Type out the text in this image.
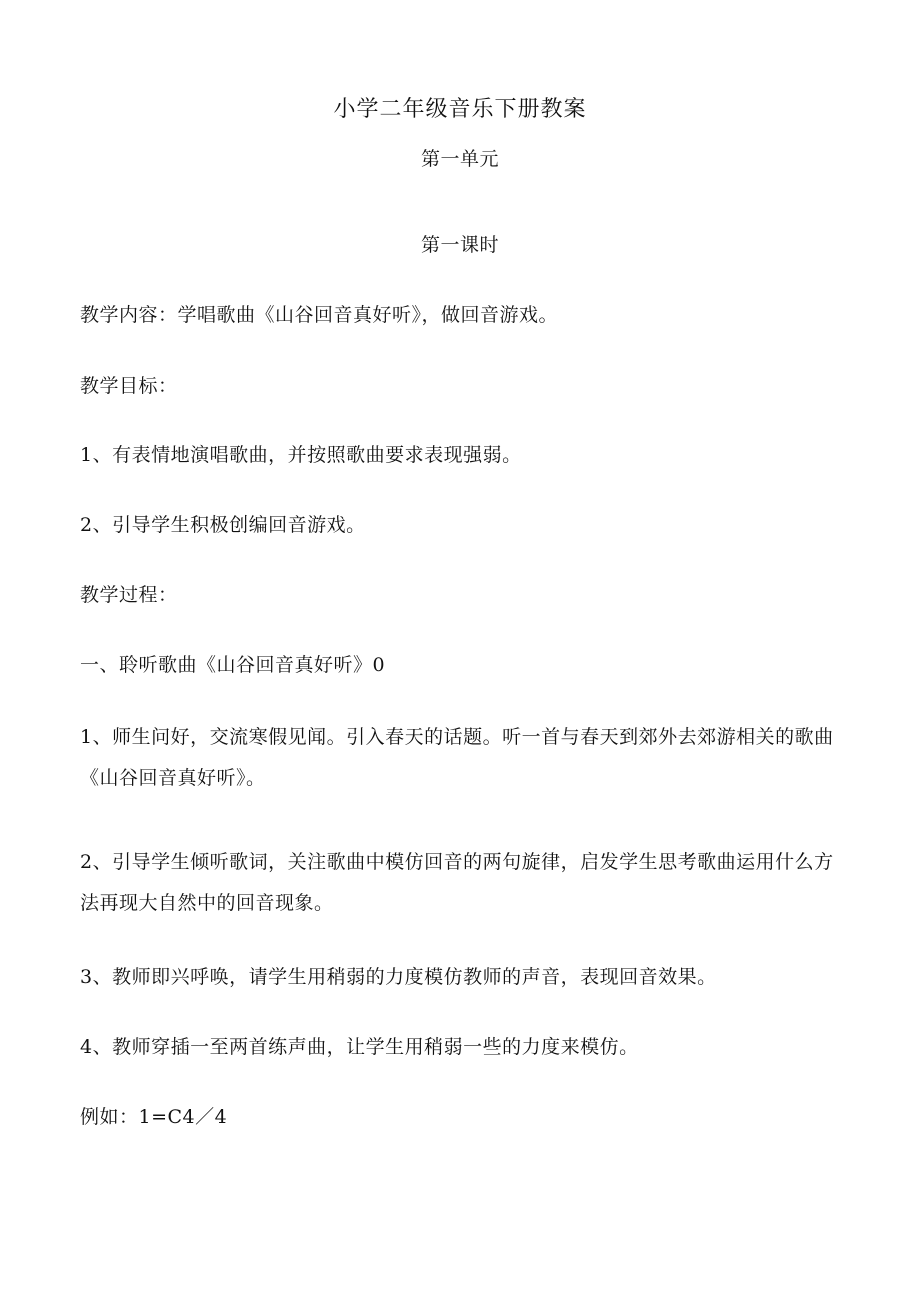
小学二年级音乐下册教案
第一单元
第一课时
教学内容：学唱歌曲《山谷回音真好听》，做回音游戏。
教学目标：
1、有表情地演唱歌曲，并按照歌曲要求表现强弱。
2、引导学生积极创编回音游戏。
教学过程：
一、聆听歌曲《山谷回音真好听》0
1、师生问好，交流寒假见闻。引入春天的话题。听一首与春天到郊外去郊游相关的歌曲《山谷回音真好听》。
2、引导学生倾听歌词，关注歌曲中模仿回音的两句旋律，启发学生思考歌曲运用什么方法再现大自然中的回音现象。
3、教师即兴呼唤，请学生用稍弱的力度模仿教师的声音，表现回音效果。
4、教师穿插一至两首练声曲，让学生用稍弱一些的力度来模仿。
例如：1=C4／4
